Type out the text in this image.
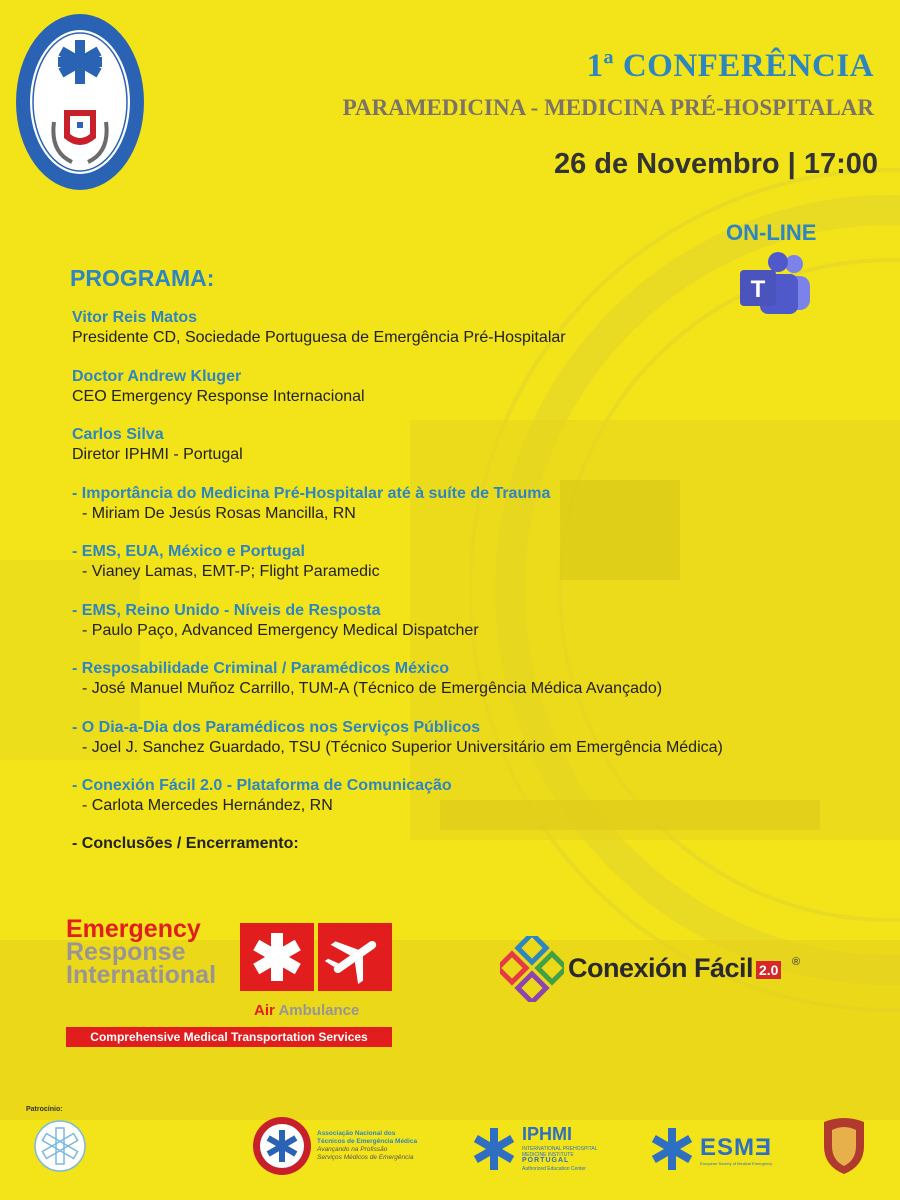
1ª CONFERÊNCIA
PARAMEDICINA - MEDICINA PRÉ-HOSPITALAR
26 de Novembro | 17:00
ON-LINE
T
PROGRAMA:
Vitor Reis Matos
Presidente CD, Sociedade Portuguesa de Emergência Pré-Hospitalar
Doctor Andrew Kluger
CEO Emergency Response Internacional
Carlos Silva
Diretor IPHMI - Portugal
- Importância do Medicina Pré-Hospitalar até à suíte de Trauma
- Miriam De Jesús Rosas Mancilla, RN
- EMS, EUA, México e Portugal
- Vianey Lamas, EMT-P; Flight Paramedic
- EMS, Reino Unido - Níveis de Resposta
- Paulo Paço, Advanced Emergency Medical Dispatcher
- Resposabilidade Criminal / Paramédicos México
- José Manuel Muñoz Carrillo, TUM-A (Técnico de Emergência Médica Avançado)
- O Dia-a-Dia dos Paramédicos nos Serviços Públicos
- Joel J. Sanchez Guardado, TSU (Técnico Superior Universitário em Emergência Médica)
- Conexión Fácil 2.0 - Plataforma de Comunicação
- Carlota Mercedes Hernández, RN
- Conclusões / Encerramento:
Emergency
Response
International
Air Ambulance
Comprehensive Medical Transportation Services
Conexión Fácil 2.0 ®
Patrocínio:
Associação Nacional dos
Técnicos de Emergência Médica
Avançando na Profissão
Serviços Médicos de Emergência
IPHMI
INTERNATIONAL PREHOSPITAL MEDICINE INSTITUTE
PORTUGAL
Authorized Education Center
ESMƎ
European Society of Medical Emergency
